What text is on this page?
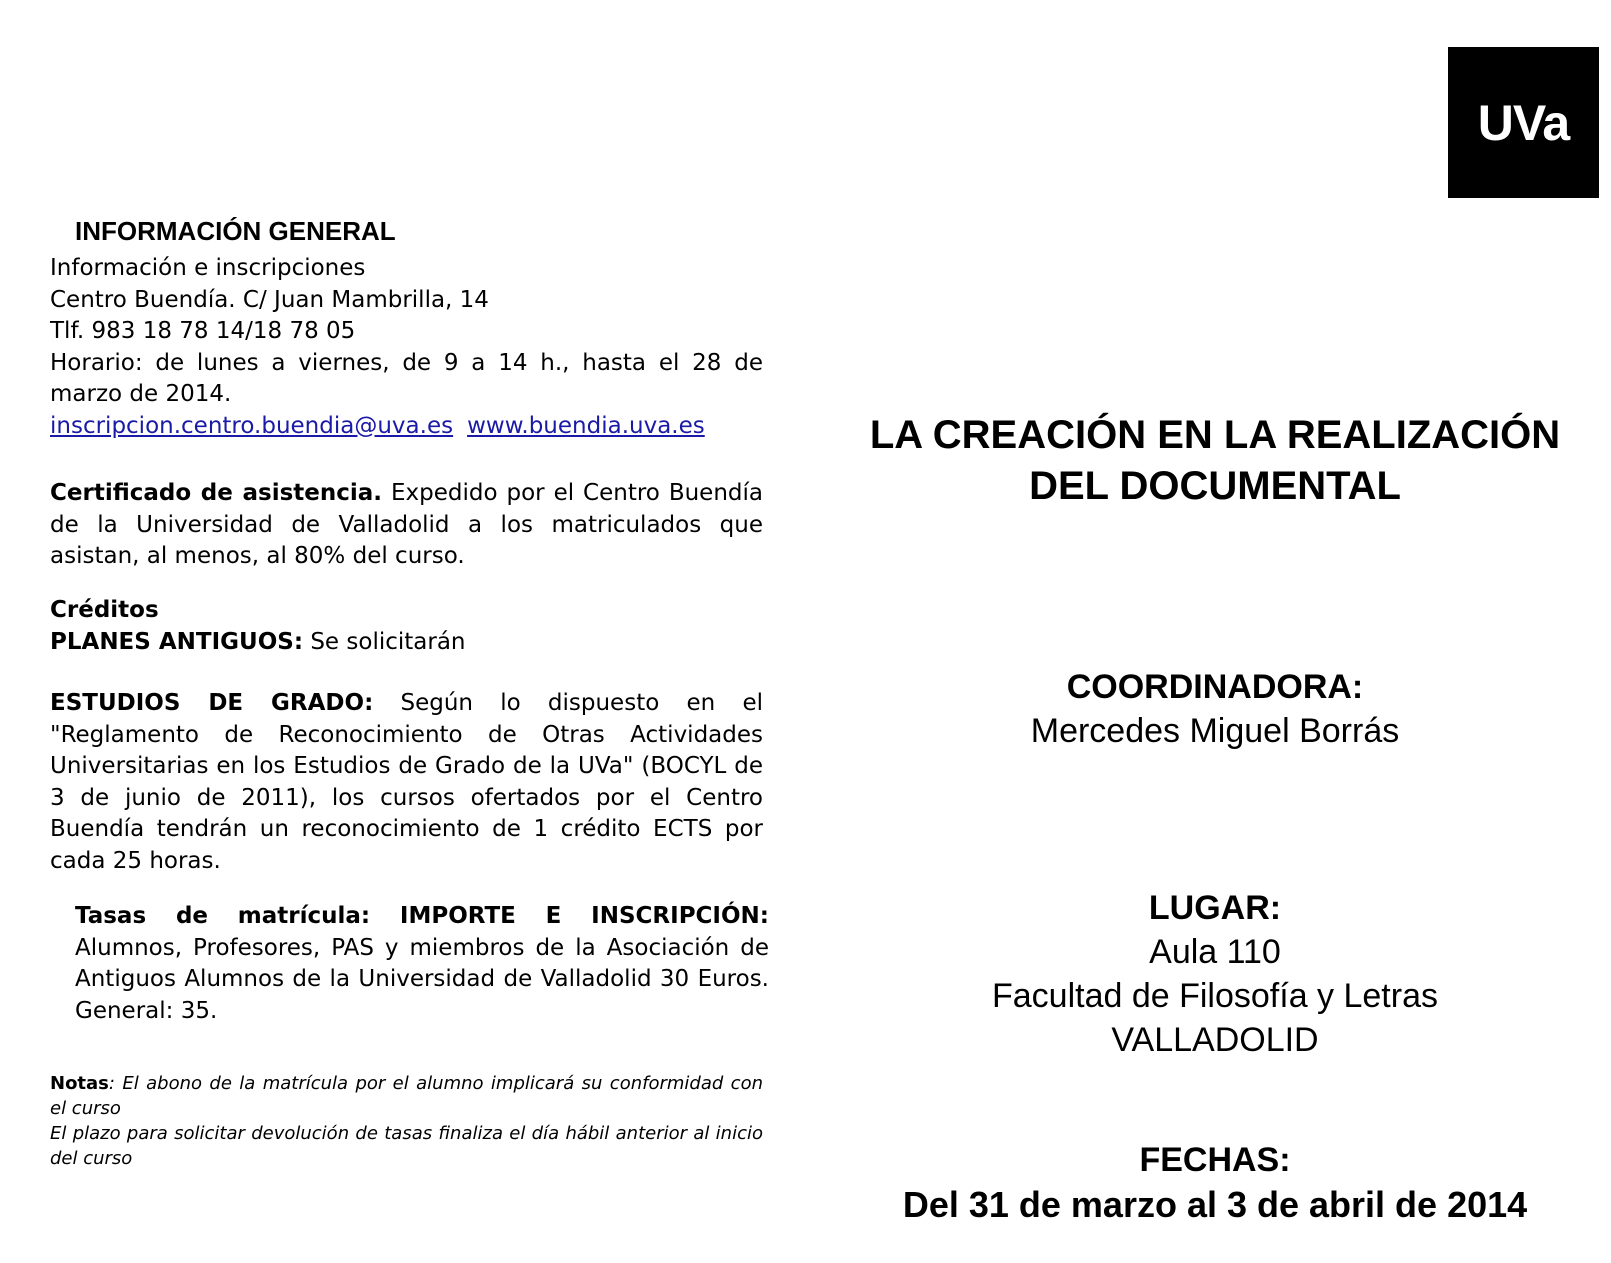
UVa
INFORMACIÓN GENERAL
Información e inscripciones
Centro Buendía. C/ Juan Mambrilla, 14
Tlf. 983 18 78 14/18 78 05
Horario: de lunes a viernes, de 9 a 14 h., hasta el 28 de marzo de 2014.
inscripcion.centro.buendia@uva.es www.buendia.uva.es
Certificado de asistencia. Expedido por el Centro Buendía de la Universidad de Valladolid a los matriculados que asistan, al menos, al 80% del curso.
Créditos
PLANES ANTIGUOS: Se solicitarán
ESTUDIOS DE GRADO: Según lo dispuesto en el "Reglamento de Reconocimiento de Otras Actividades Universitarias en los Estudios de Grado de la UVa" (BOCYL de 3 de junio de 2011), los cursos ofertados por el Centro Buendía tendrán un reconocimiento de 1 crédito ECTS por cada 25 horas.
Tasas de matrícula: IMPORTE E INSCRIPCIÓN: Alumnos, Profesores, PAS y miembros de la Asociación de Antiguos Alumnos de la Universidad de Valladolid 30 Euros. General: 35.
Notas: El abono de la matrícula por el alumno implicará su conformidad con el curso
El plazo para solicitar devolución de tasas finaliza el día hábil anterior al inicio del curso
LA CREACIÓN EN LA REALIZACIÓN
DEL DOCUMENTAL
COORDINADORA:
Mercedes Miguel Borrás
LUGAR:
Aula 110
Facultad de Filosofía y Letras
VALLADOLID
FECHAS:
Del 31 de marzo al 3 de abril de 2014
